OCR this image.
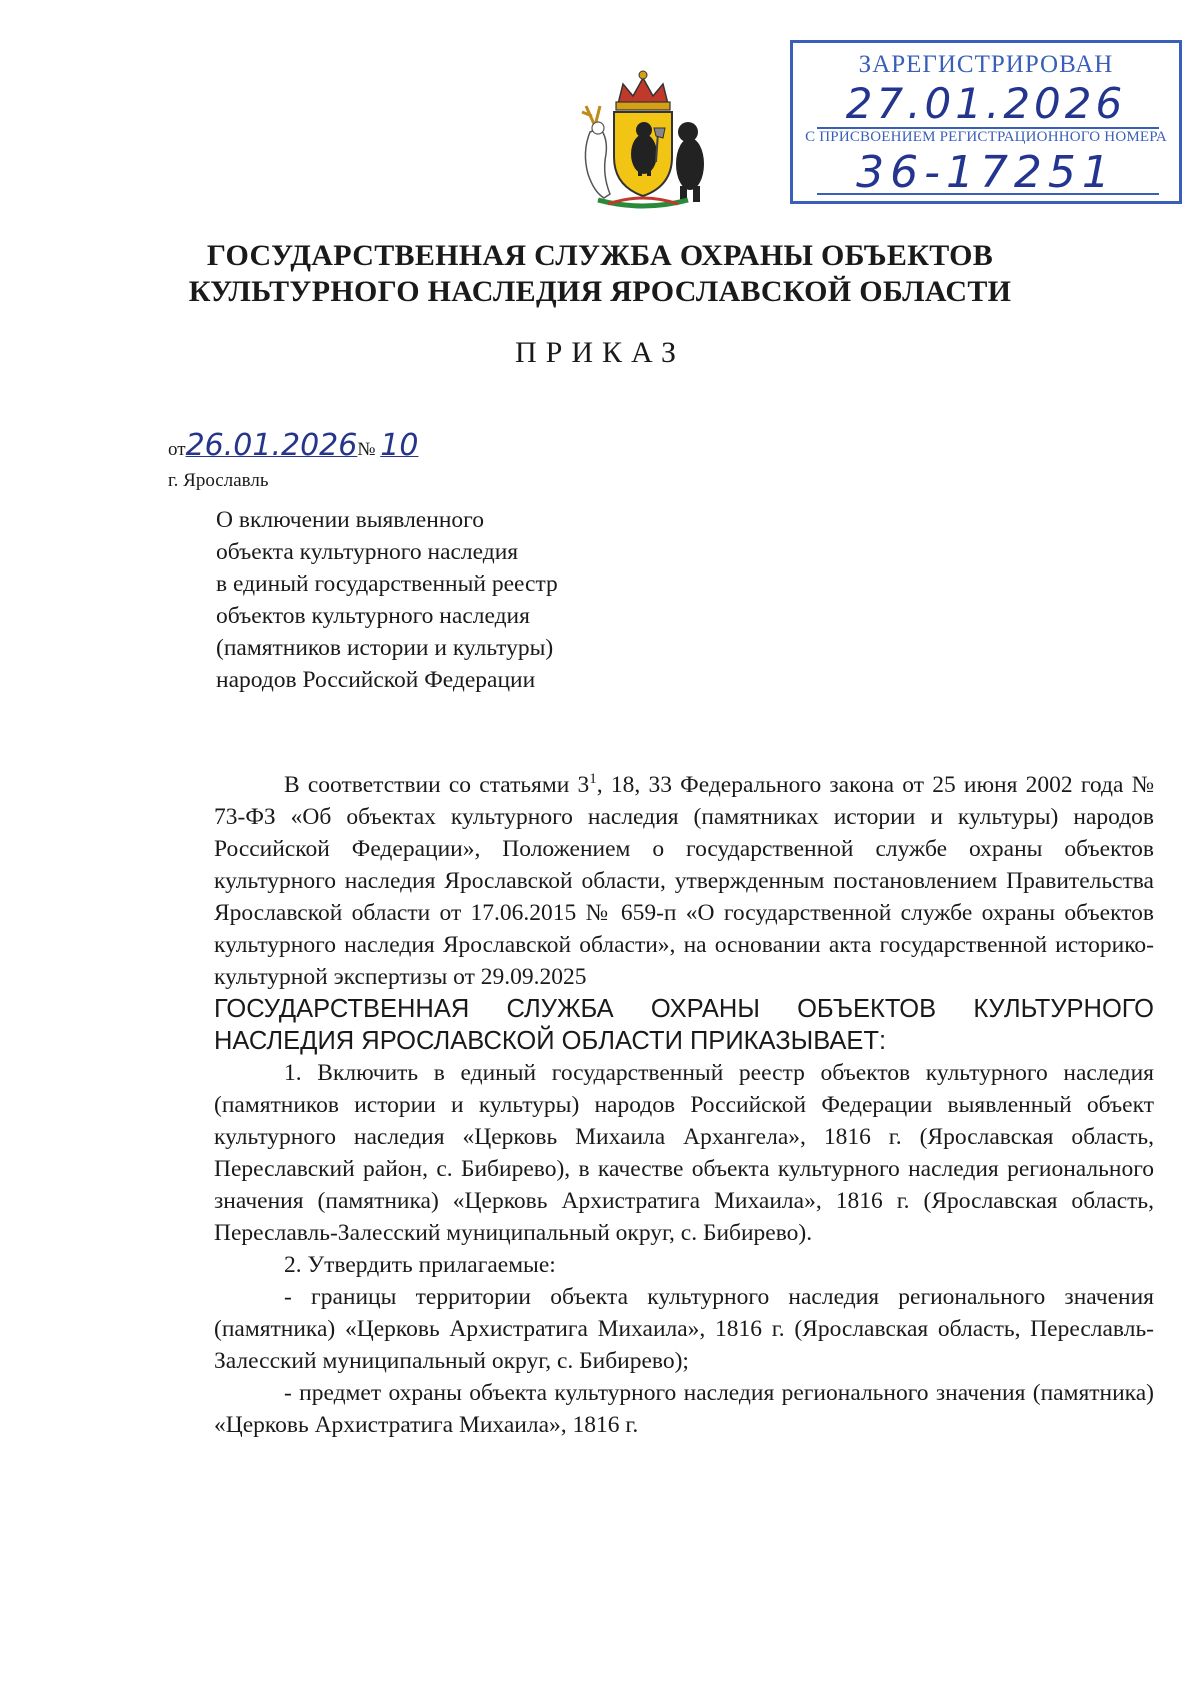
ЗАРЕГИСТРИРОВАН
27.01.2026
С ПРИСВОЕНИЕМ РЕГИСТРАЦИОННОГО НОМЕРА
36-17251
ГОСУДАРСТВЕННАЯ СЛУЖБА ОХРАНЫ ОБЪЕКТОВ
КУЛЬТУРНОГО НАСЛЕДИЯ ЯРОСЛАВСКОЙ ОБЛАСТИ
ПРИКАЗ
от26.01.2026№ 10
г. Ярославль
О включении выявленного
объекта культурного наследия
в единый государственный реестр
объектов культурного наследия
(памятников истории и культуры)
народов Российской Федерации

В соответствии со статьями $3^1$, 18, 33 Федерального закона от 25 июня 2002 года № 73-ФЗ «Об объектах культурного наследия (памятниках истории и культуры) народов Российской Федерации», Положением о государственной службе охраны объектов культурного наследия Ярославской области, утвержденным постановлением Правительства Ярославской области от 17.06.2015 № 659-п «О государственной службе охраны объектов культурного наследия Ярославской области», на основании акта государственной историко-культурной экспертизы от 29.09.2025

ГОСУДАРСТВЕННАЯ СЛУЖБА ОХРАНЫ ОБЪЕКТОВ КУЛЬТУРНОГО НАСЛЕДИЯ ЯРОСЛАВСКОЙ ОБЛАСТИ ПРИКАЗЫВАЕТ:

1. Включить в единый государственный реестр объектов культурного наследия (памятников истории и культуры) народов Российской Федерации выявленный объект культурного наследия «Церковь Михаила Архангела», 1816 г. (Ярославская область, Переславский район, с. Бибирево), в качестве объекта культурного наследия регионального значения (памятника) «Церковь Архистратига Михаила», 1816 г. (Ярославская область, Переславль-Залесский муниципальный округ, с. Бибирево).

2. Утвердить прилагаемые:

- границы территории объекта культурного наследия регионального значения (памятника) «Церковь Архистратига Михаила», 1816 г. (Ярославская область, Переславль-Залесский муниципальный округ, с. Бибирево);

- предмет охраны объекта культурного наследия регионального значения (памятника) «Церковь Архистратига Михаила», 1816 г.
